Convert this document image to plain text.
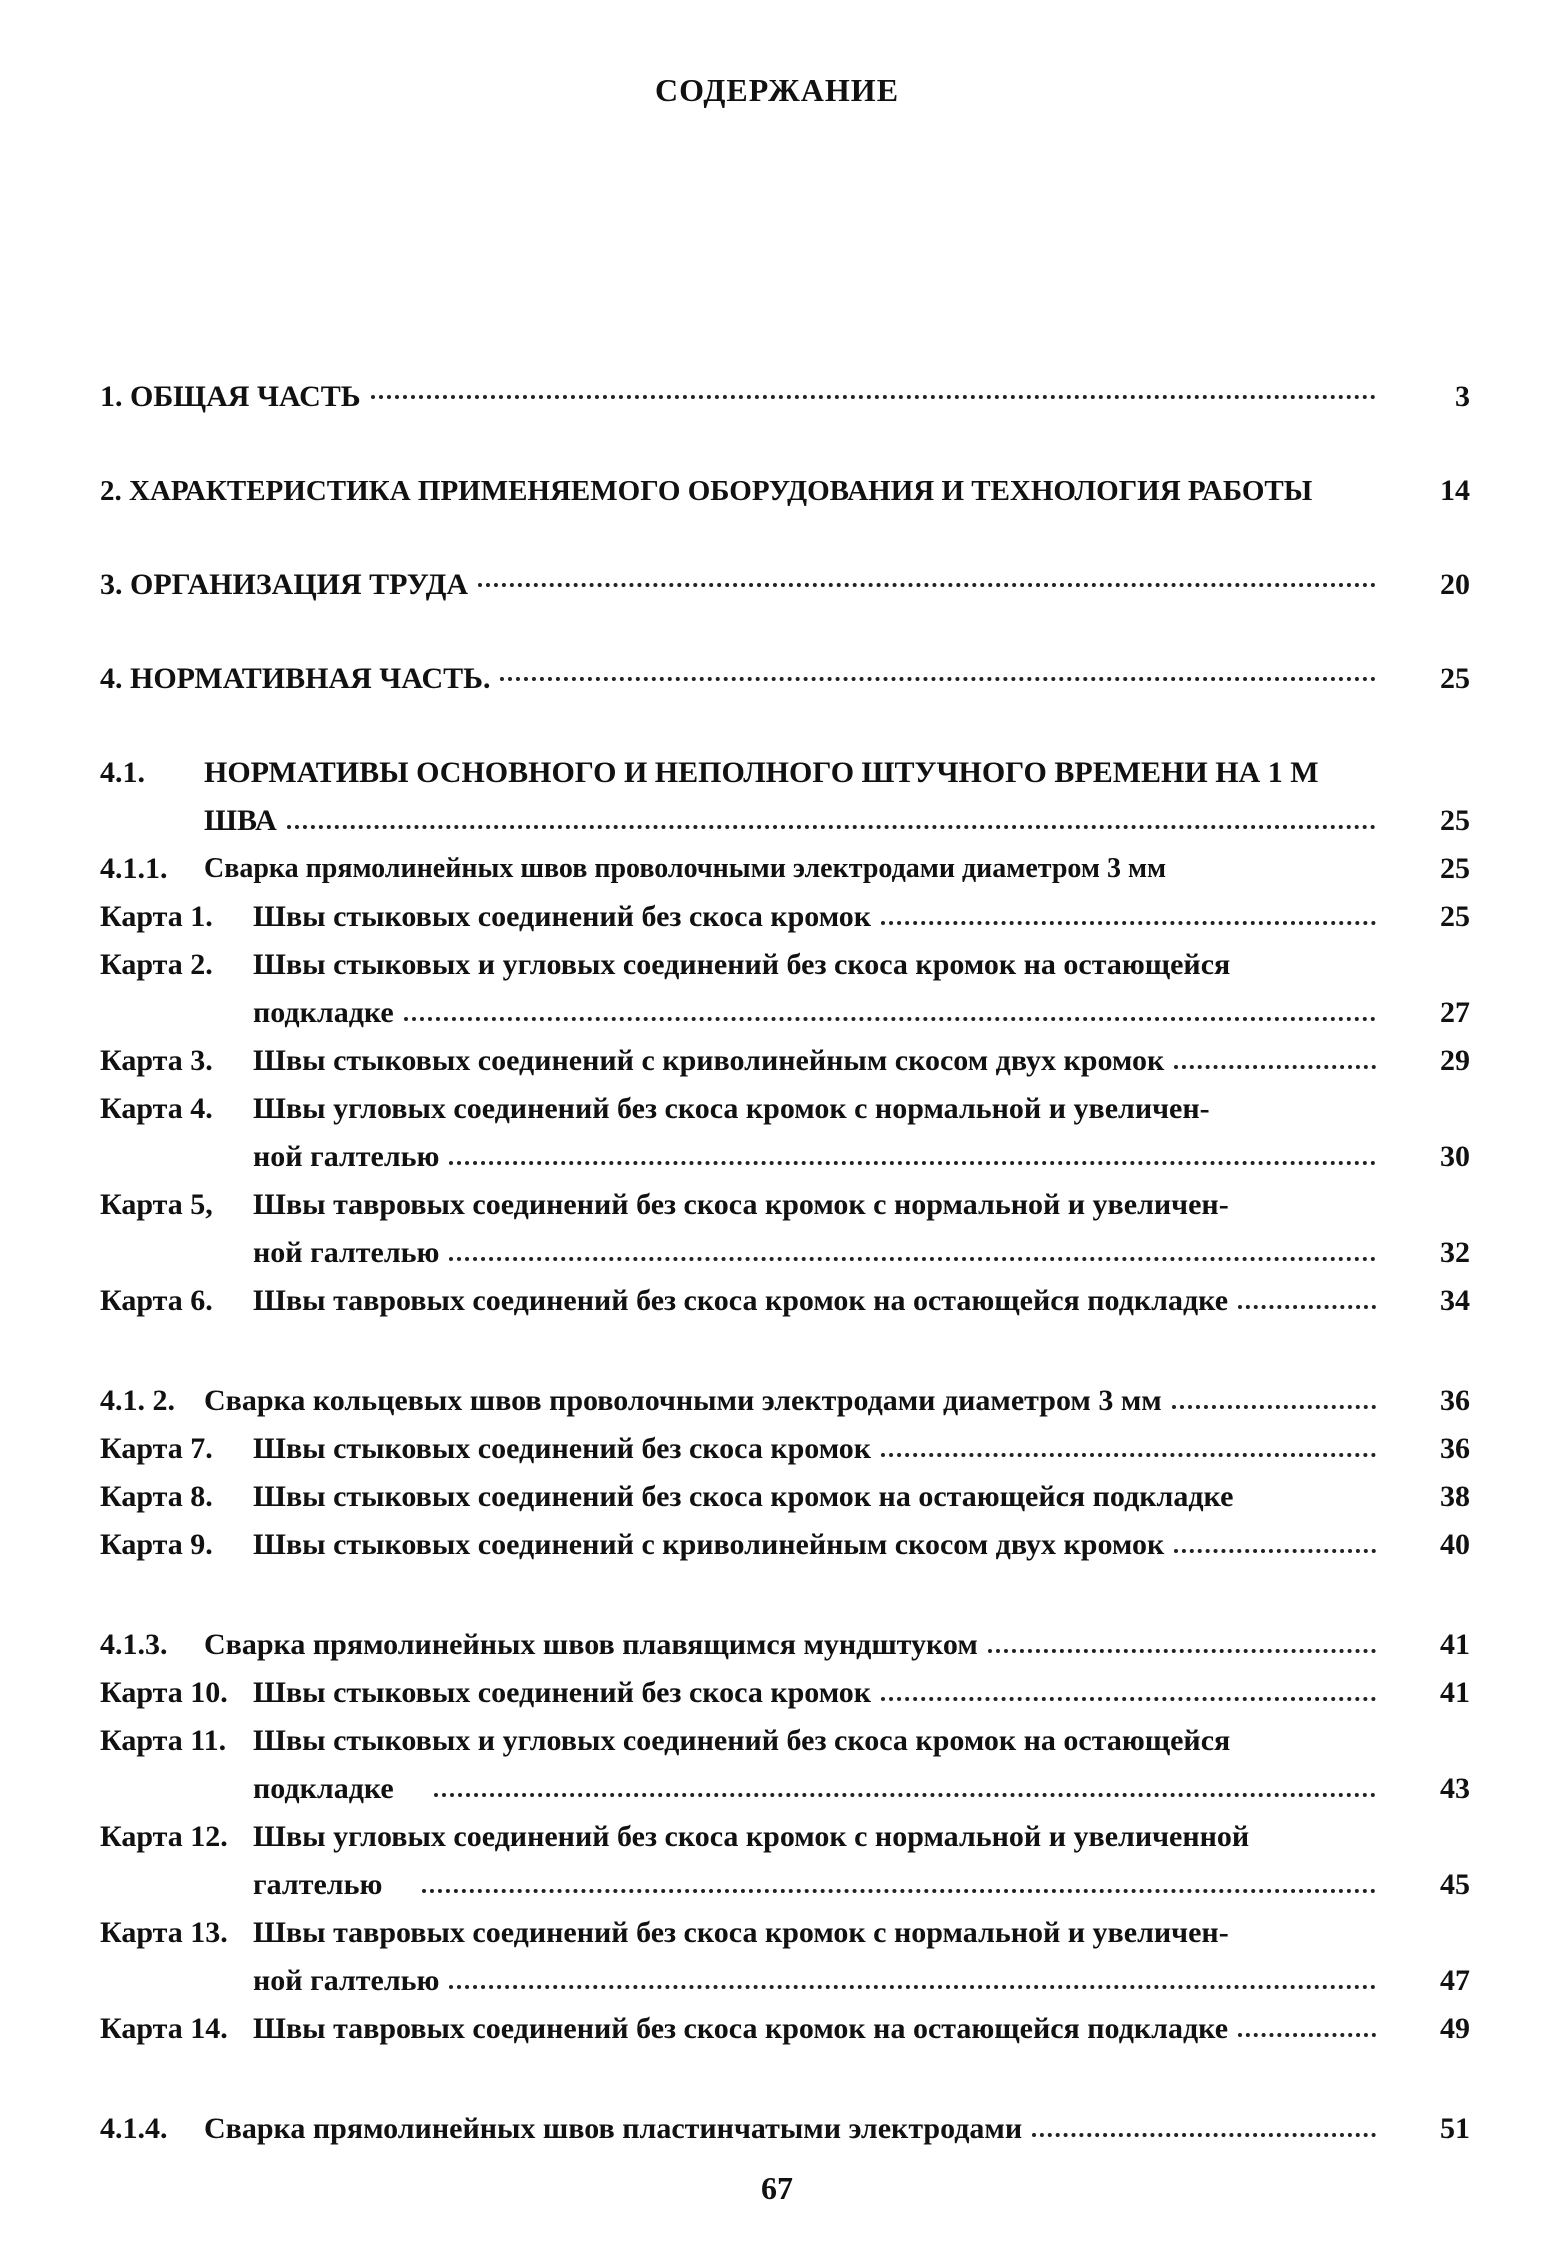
СОДЕРЖАНИЕ
1. ОБЩАЯ ЧАСТЬ	3
2. ХАРАКТЕРИСТИКА ПРИМЕНЯЕМОГО ОБОРУДОВАНИЯ И ТЕХНОЛОГИЯ РАБОТЫ	14
3. ОРГАНИЗАЦИЯ ТРУДА	20
4. НОРМАТИВНАЯ ЧАСТЬ.	25
4.1.	НОРМАТИВЫ ОСНОВНОГО И НЕПОЛНОГО ШТУЧНОГО ВРЕМЕНИ НА 1 М
ШВА	25
4.1.1.	Сварка прямолинейных швов проволочными электродами диаметром 3 мм	25
Карта 1.	Швы стыковых соединений без скоса кромок	25
Карта 2.	Швы стыковых и угловых соединений без скоса кромок на остающейся
подкладке	27
Карта 3.	Швы стыковых соединений с криволинейным скосом двух кромок	29
Карта 4.	Швы угловых соединений без скоса кромок с нормальной и увеличен-
ной галтелью	30
Карта 5,	Швы тавровых соединений без скоса кромок с нормальной и увеличен-
ной галтелью	32
Карта 6.	Швы тавровых соединений без скоса кромок на остающейся подкладке	34
4.1. 2. Сварка кольцевых швов проволочными электродами диаметром 3 мм	36
Карта 7.	Швы стыковых соединений без скоса кромок	36
Карта 8.	Швы стыковых соединений без скоса кромок на остающейся подкладке	38
Карта 9.	Швы стыковых соединений с криволинейным скосом двух кромок	40
4.1.3.	Сварка прямолинейных швов плавящимся мундштуком	41
Карта 10. Швы стыковых соединений без скоса кромок	41
Карта 11. Швы стыковых и угловых соединений без скоса кромок на остающейся
подкладке	43
Карта 12. Швы угловых соединений без скоса кромок с нормальной и увеличенной
галтелью	45
Карта 13. Швы тавровых соединений без скоса кромок с нормальной и увеличен-
ной галтелью	47
Карта 14. Швы тавровых соединений без скоса кромок на остающейся подкладке	49
4.1.4.	Сварка прямолинейных швов пластинчатыми электродами	51
67
